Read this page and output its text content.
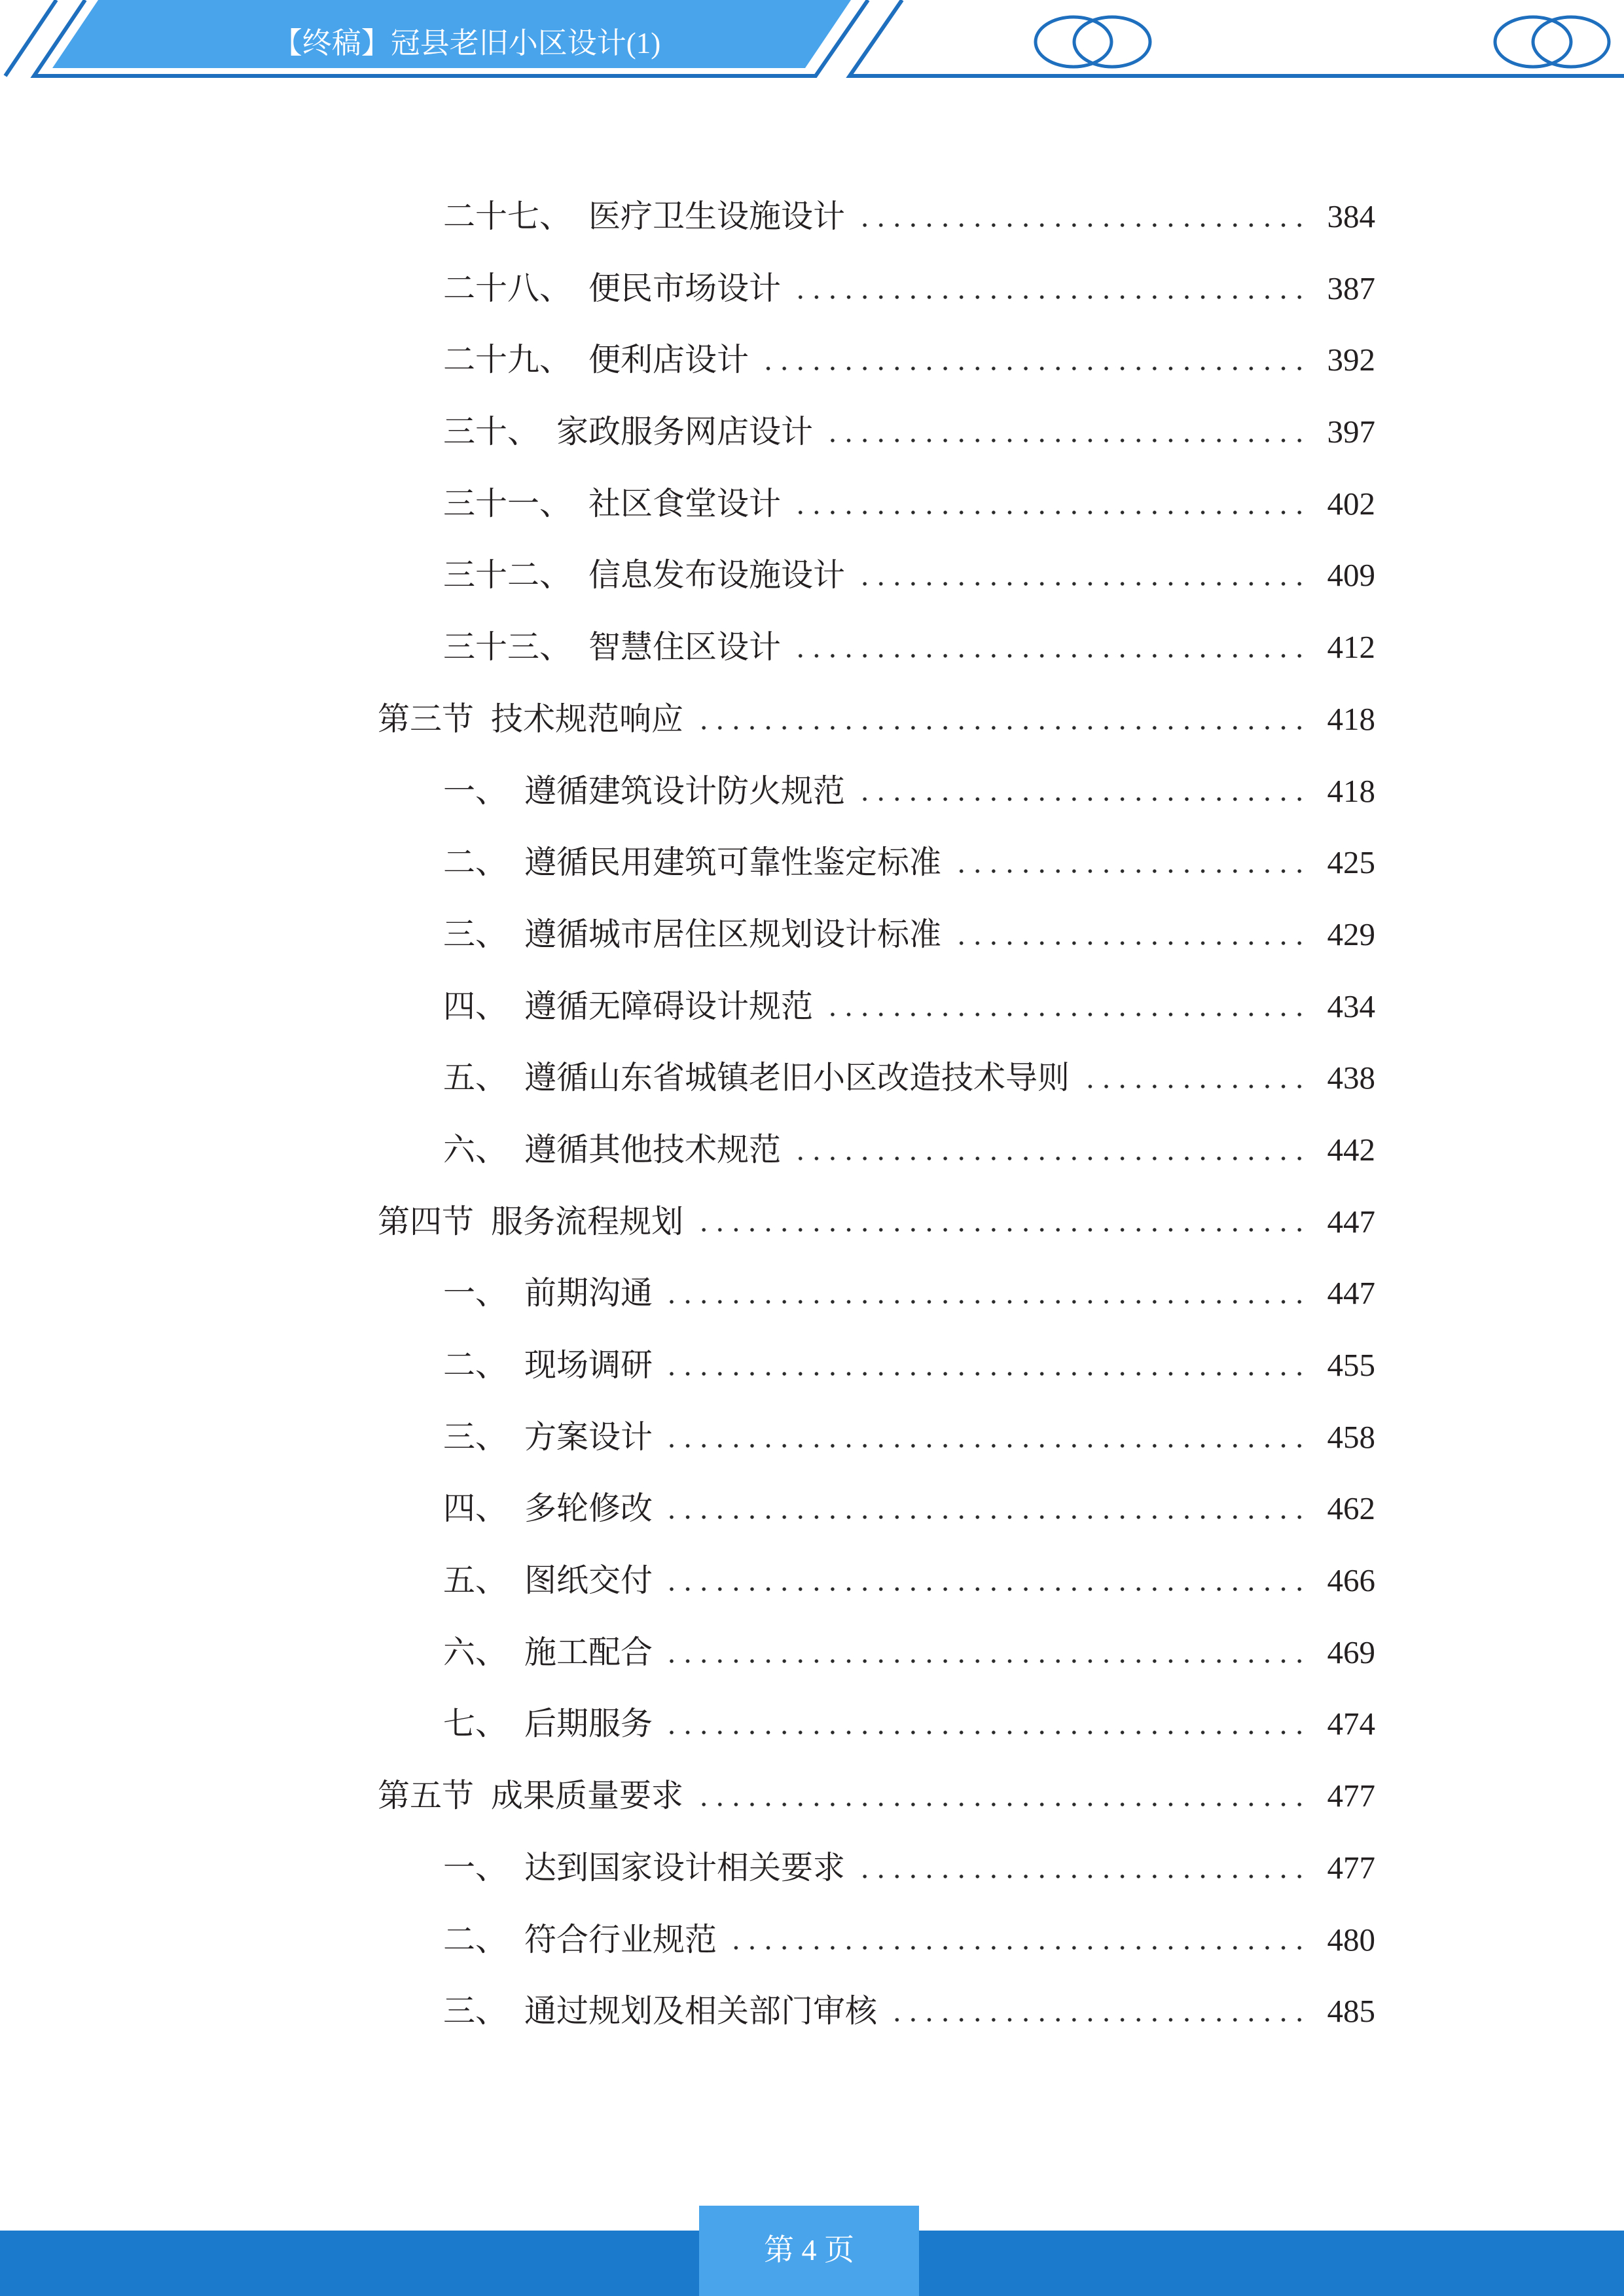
【终稿】冠县老旧小区设计(1)
二十七、 医疗卫生设施设计	384
二十八、 便民市场设计	387
二十九、 便利店设计	392
三十、 家政服务网店设计	397
三十一、 社区食堂设计	402
三十二、 信息发布设施设计	409
三十三、 智慧住区设计	412
第三节 技术规范响应	418
一、 遵循建筑设计防火规范	418
二、 遵循民用建筑可靠性鉴定标准	425
三、 遵循城市居住区规划设计标准	429
四、 遵循无障碍设计规范	434
五、 遵循山东省城镇老旧小区改造技术导则	438
六、 遵循其他技术规范	442
第四节 服务流程规划	447
一、 前期沟通	447
二、 现场调研	455
三、 方案设计	458
四、 多轮修改	462
五、 图纸交付	466
六、 施工配合	469
七、 后期服务	474
第五节 成果质量要求	477
一、 达到国家设计相关要求	477
二、 符合行业规范	480
三、 通过规划及相关部门审核	485
第 4 页
